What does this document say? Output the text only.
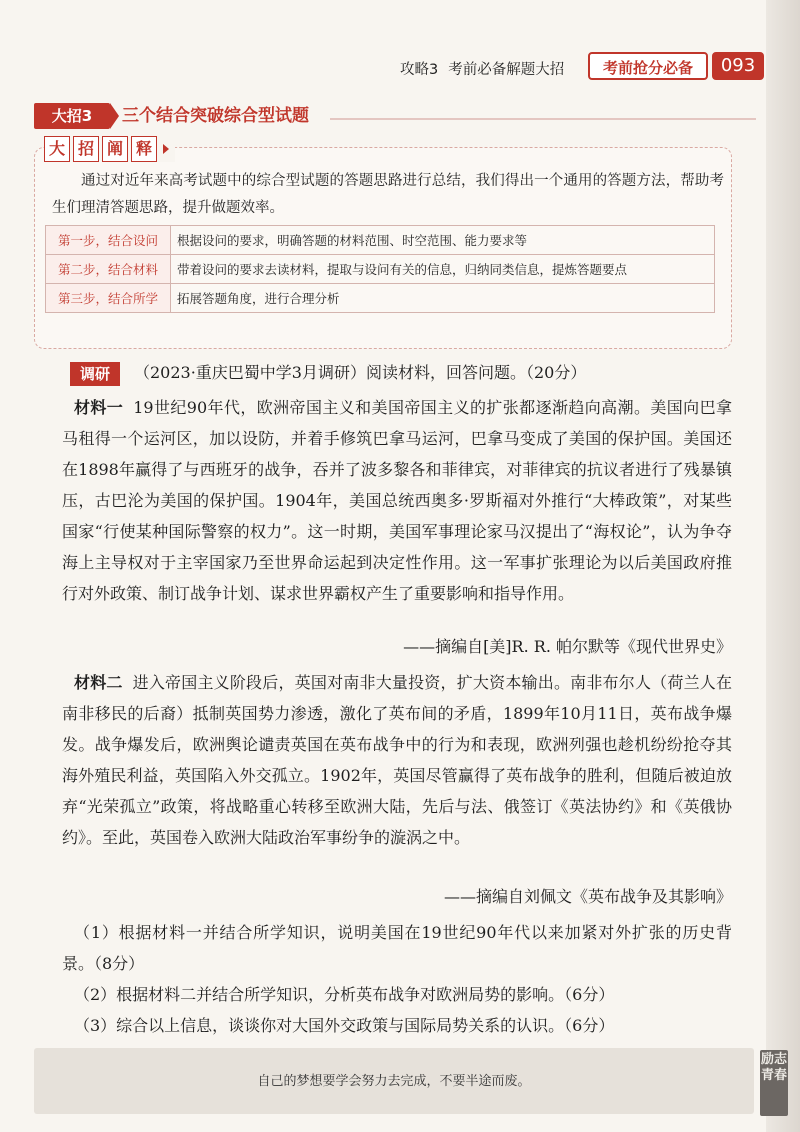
攻略3 考前必备解题大招	考前抢分必备	093
大招3	三个结合突破综合型试题
大 招 阐 释
通过对近年来高考试题中的综合型试题的答题思路进行总结，我们得出一个通用的答题方法，帮助考生们理清答题思路，提升做题效率。
第一步，结合设问	根据设问的要求，明确答题的材料范围、时空范围、能力要求等
第二步，结合材料	带着设问的要求去读材料，提取与设问有关的信息，归纳同类信息，提炼答题要点
第三步，结合所学	拓展答题角度，进行合理分析
调研	（2023·重庆巴蜀中学3月调研）阅读材料，回答问题。（20分）
材料一 19世纪90年代，欧洲帝国主义和美国帝国主义的扩张都逐渐趋向高潮。美国向巴拿马租得一个运河区，加以设防，并着手修筑巴拿马运河，巴拿马变成了美国的保护国。美国还在1898年赢得了与西班牙的战争，吞并了波多黎各和菲律宾，对菲律宾的抗议者进行了残暴镇压，古巴沦为美国的保护国。1904年，美国总统西奥多·罗斯福对外推行“大棒政策”，对某些国家“行使某种国际警察的权力”。这一时期，美国军事理论家马汉提出了“海权论”，认为争夺海上主导权对于主宰国家乃至世界命运起到决定性作用。这一军事扩张理论为以后美国政府推行对外政策、制订战争计划、谋求世界霸权产生了重要影响和指导作用。
——摘编自[美]R. R. 帕尔默等《现代世界史》
材料二 进入帝国主义阶段后，英国对南非大量投资，扩大资本输出。南非布尔人（荷兰人在南非移民的后裔）抵制英国势力渗透，激化了英布间的矛盾，1899年10月11日，英布战争爆发。战争爆发后，欧洲舆论谴责英国在英布战争中的行为和表现，欧洲列强也趁机纷纷抢夺其海外殖民利益，英国陷入外交孤立。1902年，英国尽管赢得了英布战争的胜利，但随后被迫放弃“光荣孤立”政策，将战略重心转移至欧洲大陆，先后与法、俄签订《英法协约》和《英俄协约》。至此，英国卷入欧洲大陆政治军事纷争的漩涡之中。
——摘编自刘佩文《英布战争及其影响》
（1）根据材料一并结合所学知识，说明美国在19世纪90年代以来加紧对外扩张的历史背景。（8分）
（2）根据材料二并结合所学知识，分析英布战争对欧洲局势的影响。（6分）
（3）综合以上信息，谈谈你对大国外交政策与国际局势关系的认识。（6分）
自己的梦想要学会努力去完成，不要半途而废。
励志青春
